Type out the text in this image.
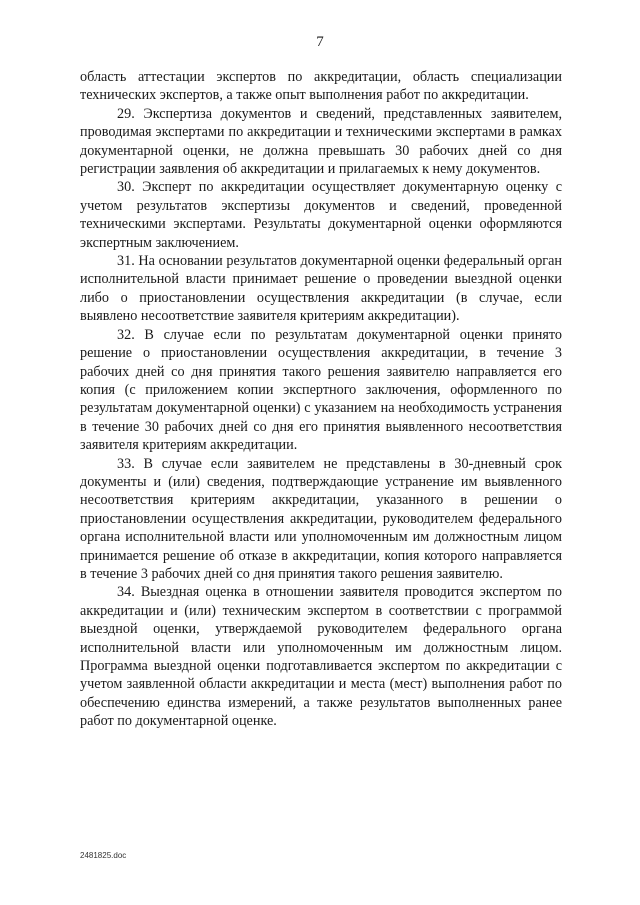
7

область аттестации экспертов по аккредитации, область специализации технических экспертов, а также опыт выполнения работ по аккредитации.

29. Экспертиза документов и сведений, представленных заявителем, проводимая экспертами по аккредитации и техническими экспертами в рамках документарной оценки, не должна превышать 30 рабочих дней со дня регистрации заявления об аккредитации и прилагаемых к нему документов.

30. Эксперт по аккредитации осуществляет документарную оценку с учетом результатов экспертизы документов и сведений, проведенной техническими экспертами. Результаты документарной оценки оформляются экспертным заключением.

31. На основании результатов документарной оценки федеральный орган исполнительной власти принимает решение о проведении выездной оценки либо о приостановлении осуществления аккредитации (в случае, если выявлено несоответствие заявителя критериям аккредитации).

32. В случае если по результатам документарной оценки принято решение о приостановлении осуществления аккредитации, в течение 3 рабочих дней со дня принятия такого решения заявителю направляется его копия (с приложением копии экспертного заключения, оформленного по результатам документарной оценки) с указанием на необходимость устранения в течение 30 рабочих дней со дня его принятия выявленного несоответствия заявителя критериям аккредитации.

33. В случае если заявителем не представлены в 30-дневный срок документы и (или) сведения, подтверждающие устранение им выявленного несоответствия критериям аккредитации, указанного в решении о приостановлении осуществления аккредитации, руководителем федерального органа исполнительной власти или уполномоченным им должностным лицом принимается решение об отказе в аккредитации, копия которого направляется в течение 3 рабочих дней со дня принятия такого решения заявителю.

34. Выездная оценка в отношении заявителя проводится экспертом по аккредитации и (или) техническим экспертом в соответствии с программой выездной оценки, утверждаемой руководителем федерального органа исполнительной власти или уполномоченным им должностным лицом. Программа выездной оценки подготавливается экспертом по аккредитации с учетом заявленной области аккредитации и места (мест) выполнения работ по обеспечению единства измерений, а также результатов выполненных ранее работ по документарной оценке.

2481825.doc
